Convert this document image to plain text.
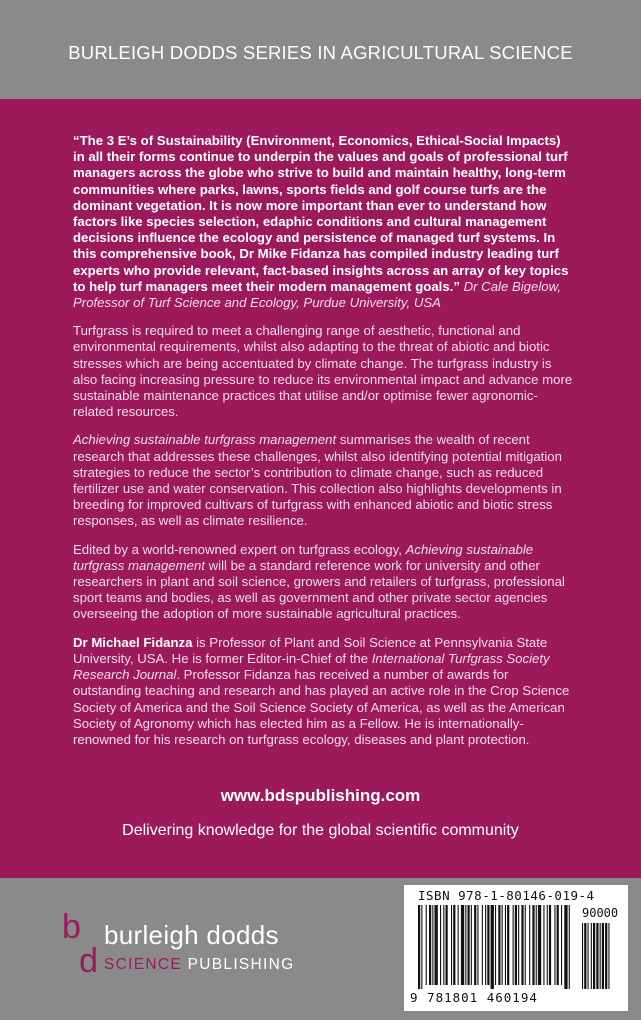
BURLEIGH DODDS SERIES IN AGRICULTURAL SCIENCE

“The 3 E’s of Sustainability (Environment, Economics, Ethical-Social Impacts) in all their forms continue to underpin the values and goals of professional turf managers across the globe who strive to build and maintain healthy, long-term communities where parks, lawns, sports fields and golf course turfs are the dominant vegetation. It is now more important than ever to understand how factors like species selection, edaphic conditions and cultural management decisions influence the ecology and persistence of managed turf systems. In this comprehensive book, Dr Mike Fidanza has compiled industry leading turf experts who provide relevant, fact-based insights across an array of key topics to help turf managers meet their modern management goals.” Dr Cale Bigelow, Professor of Turf Science and Ecology, Purdue University, USA

Turfgrass is required to meet a challenging range of aesthetic, functional and environmental requirements, whilst also adapting to the threat of abiotic and biotic stresses which are being accentuated by climate change. The turfgrass industry is also facing increasing pressure to reduce its environmental impact and advance more sustainable maintenance practices that utilise and/or optimise fewer agronomic-related resources.

Achieving sustainable turfgrass management summarises the wealth of recent research that addresses these challenges, whilst also identifying potential mitigation strategies to reduce the sector’s contribution to climate change, such as reduced fertilizer use and water conservation. This collection also highlights developments in breeding for improved cultivars of turfgrass with enhanced abiotic and biotic stress responses, as well as climate resilience.

Edited by a world-renowned expert on turfgrass ecology, Achieving sustainable turfgrass management will be a standard reference work for university and other researchers in plant and soil science, growers and retailers of turfgrass, professional sport teams and bodies, as well as government and other private sector agencies overseeing the adoption of more sustainable agricultural practices.

Dr Michael Fidanza is Professor of Plant and Soil Science at Pennsylvania State University, USA. He is former Editor-in-Chief of the International Turfgrass Society Research Journal. Professor Fidanza has received a number of awards for outstanding teaching and research and has played an active role in the Crop Science Society of America and the Soil Science Society of America, as well as the American Society of Agronomy which has elected him as a Fellow. He is internationally-renowned for his research on turfgrass ecology, diseases and plant protection.

www.bdspublishing.com
Delivering knowledge for the global scientific community
b
b
burleigh dodds
SCIENCE PUBLISHING
ISBN 978-1-80146-019-4
90000
9 781801 460194
